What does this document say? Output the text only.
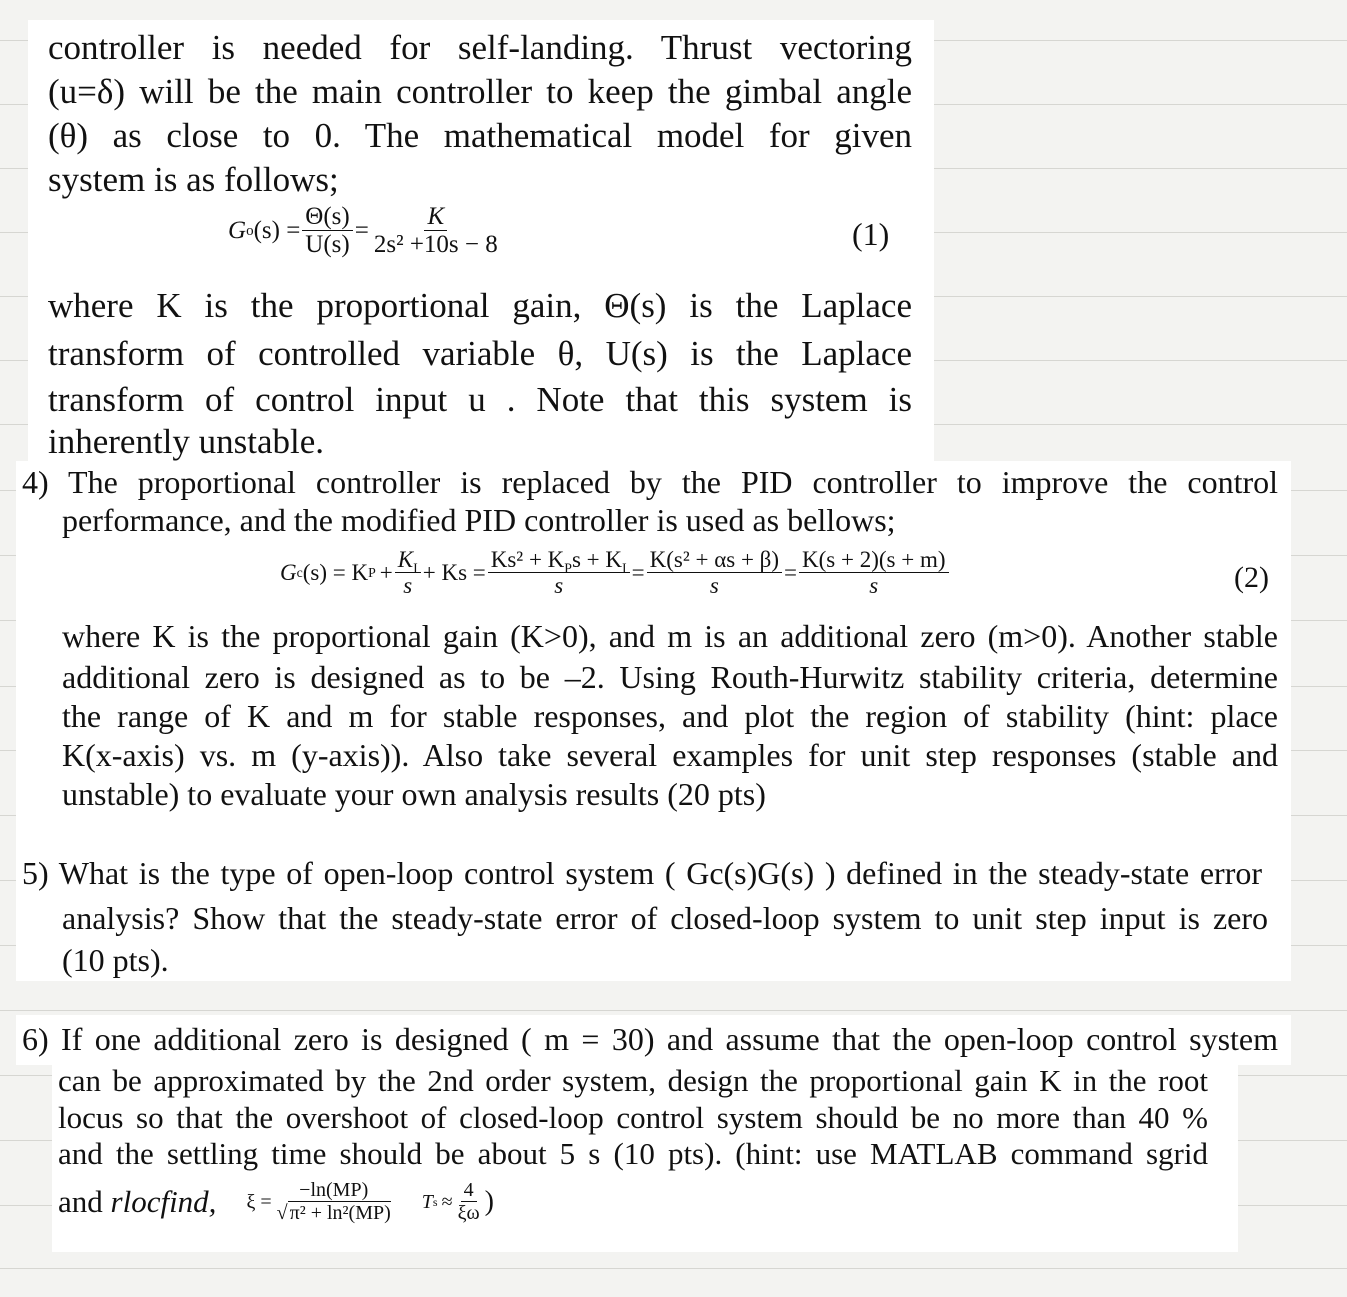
controller is needed for self-landing. Thrust vectoring

(u=δ) will be the main controller to keep the gimbal angle

(θ) as close to 0. The mathematical model for given

system is as follows;

G o $(s) = \frac{\Theta(s)}{U(s)} = \frac{K}{\text{2s² +10s − 8}}$	(1)

where K is the proportional gain, Θ(s) is the Laplace

transform of controlled variable θ, U(s) is the Laplace

transform of control input u . Note that this system is

inherently unstable.

4) The proportional controller is replaced by the PID controller to improve the control

performance, and the modified PID controller is used as bellows;

G c (s) = K $P + \frac{K_I}{s} + Ks = \frac{Ks^2 + K_Ps + K_I}{s} = \frac{\text{K(s² + αs + β)}}{s} = \frac{K(s + 2)(s + m)}{s}$	(2)

where K is the proportional gain (K>0), and m is an additional zero (m>0). Another stable

additional zero is designed as to be –2. Using Routh-Hurwitz stability criteria, determine

the range of K and m for stable responses, and plot the region of stability (hint: place

K(x-axis) vs. m (y-axis)). Also take several examples for unit step responses (stable and

unstable) to evaluate your own analysis results (20 pts)

5) What is the type of open-loop control system ( Gc(s)G(s) ) defined in the steady-state error

analysis? Show that the steady-state error of closed-loop system to unit step input is zero

(10 pts).

6) If one additional zero is designed ( m = 30) and assume that the open-loop control system

can be approximated by the 2nd order system, design the proportional gain K in the root

locus so that the overshoot of closed-loop control system should be no more than 40 %

and the settling time should be about 5 s (10 pts). (hint: use MATLAB command sgrid

and
rlocfind, $\xi = \frac{-\ln(MP)}{\text{√ π² + ln²(MP)}}$ T $s \approx \frac{4}{\xi\omega}$ )
